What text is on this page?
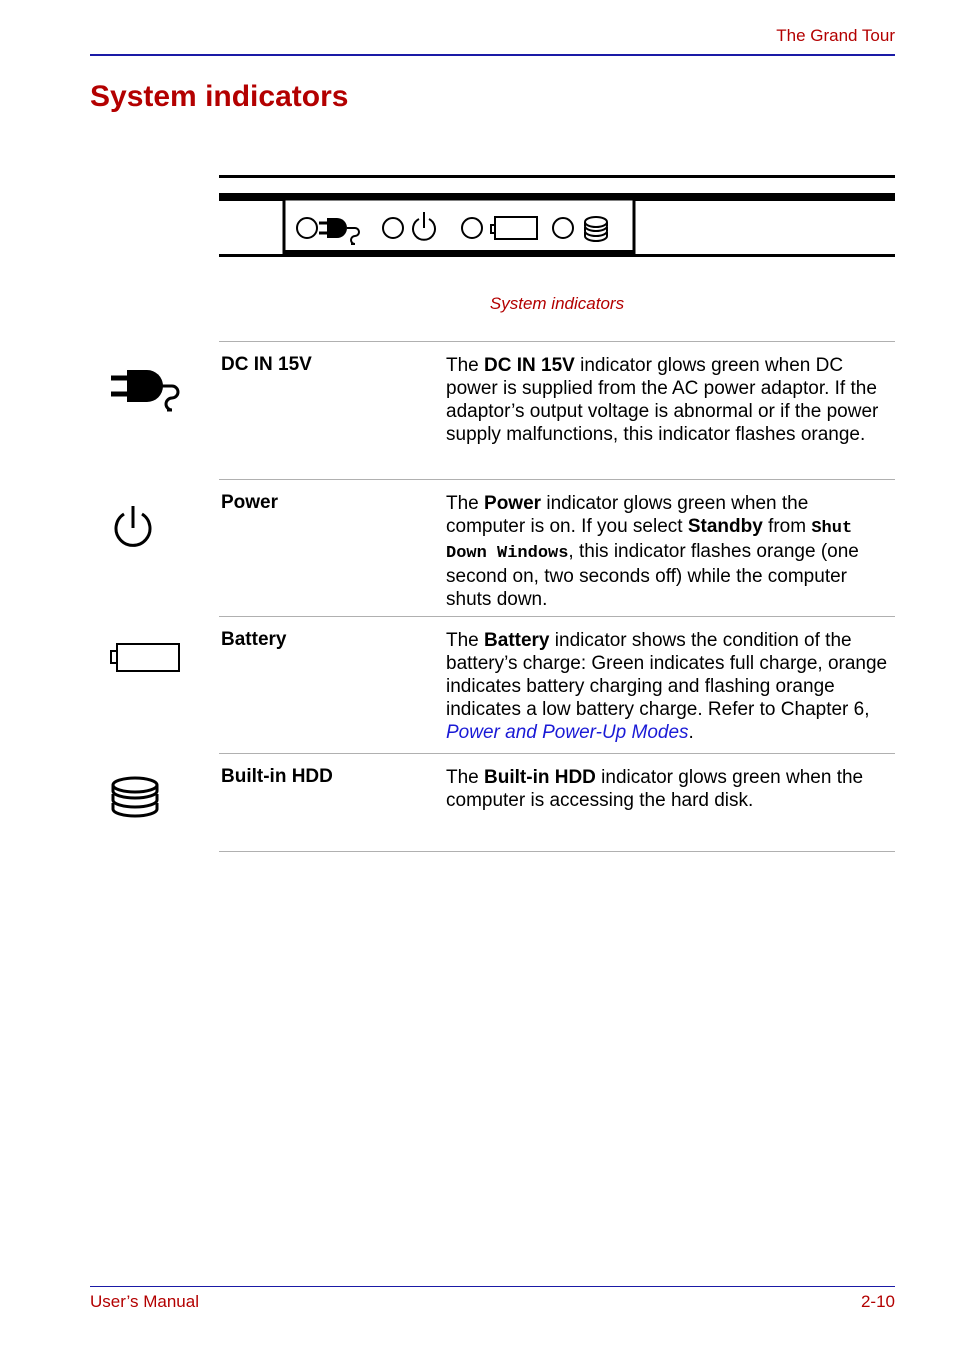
The Grand Tour
System indicators
System indicators
DC IN 15V	The DC IN 15V indicator glows green when DC power is supplied from the AC power adaptor. If the adaptor’s output voltage is abnormal or if the power supply malfunctions, this indicator flashes orange.
Power	The Power indicator glows green when the computer is on. If you select Standby from Shut Down Windows, this indicator flashes orange (one second on, two seconds off) while the computer shuts down.
Battery	The Battery indicator shows the condition of the battery’s charge: Green indicates full charge, orange indicates battery charging and flashing orange indicates a low battery charge. Refer to Chapter 6, Power and Power-Up Modes.
Built-in HDD	The Built-in HDD indicator glows green when the computer is accessing the hard disk.
User’s Manual	2-10
